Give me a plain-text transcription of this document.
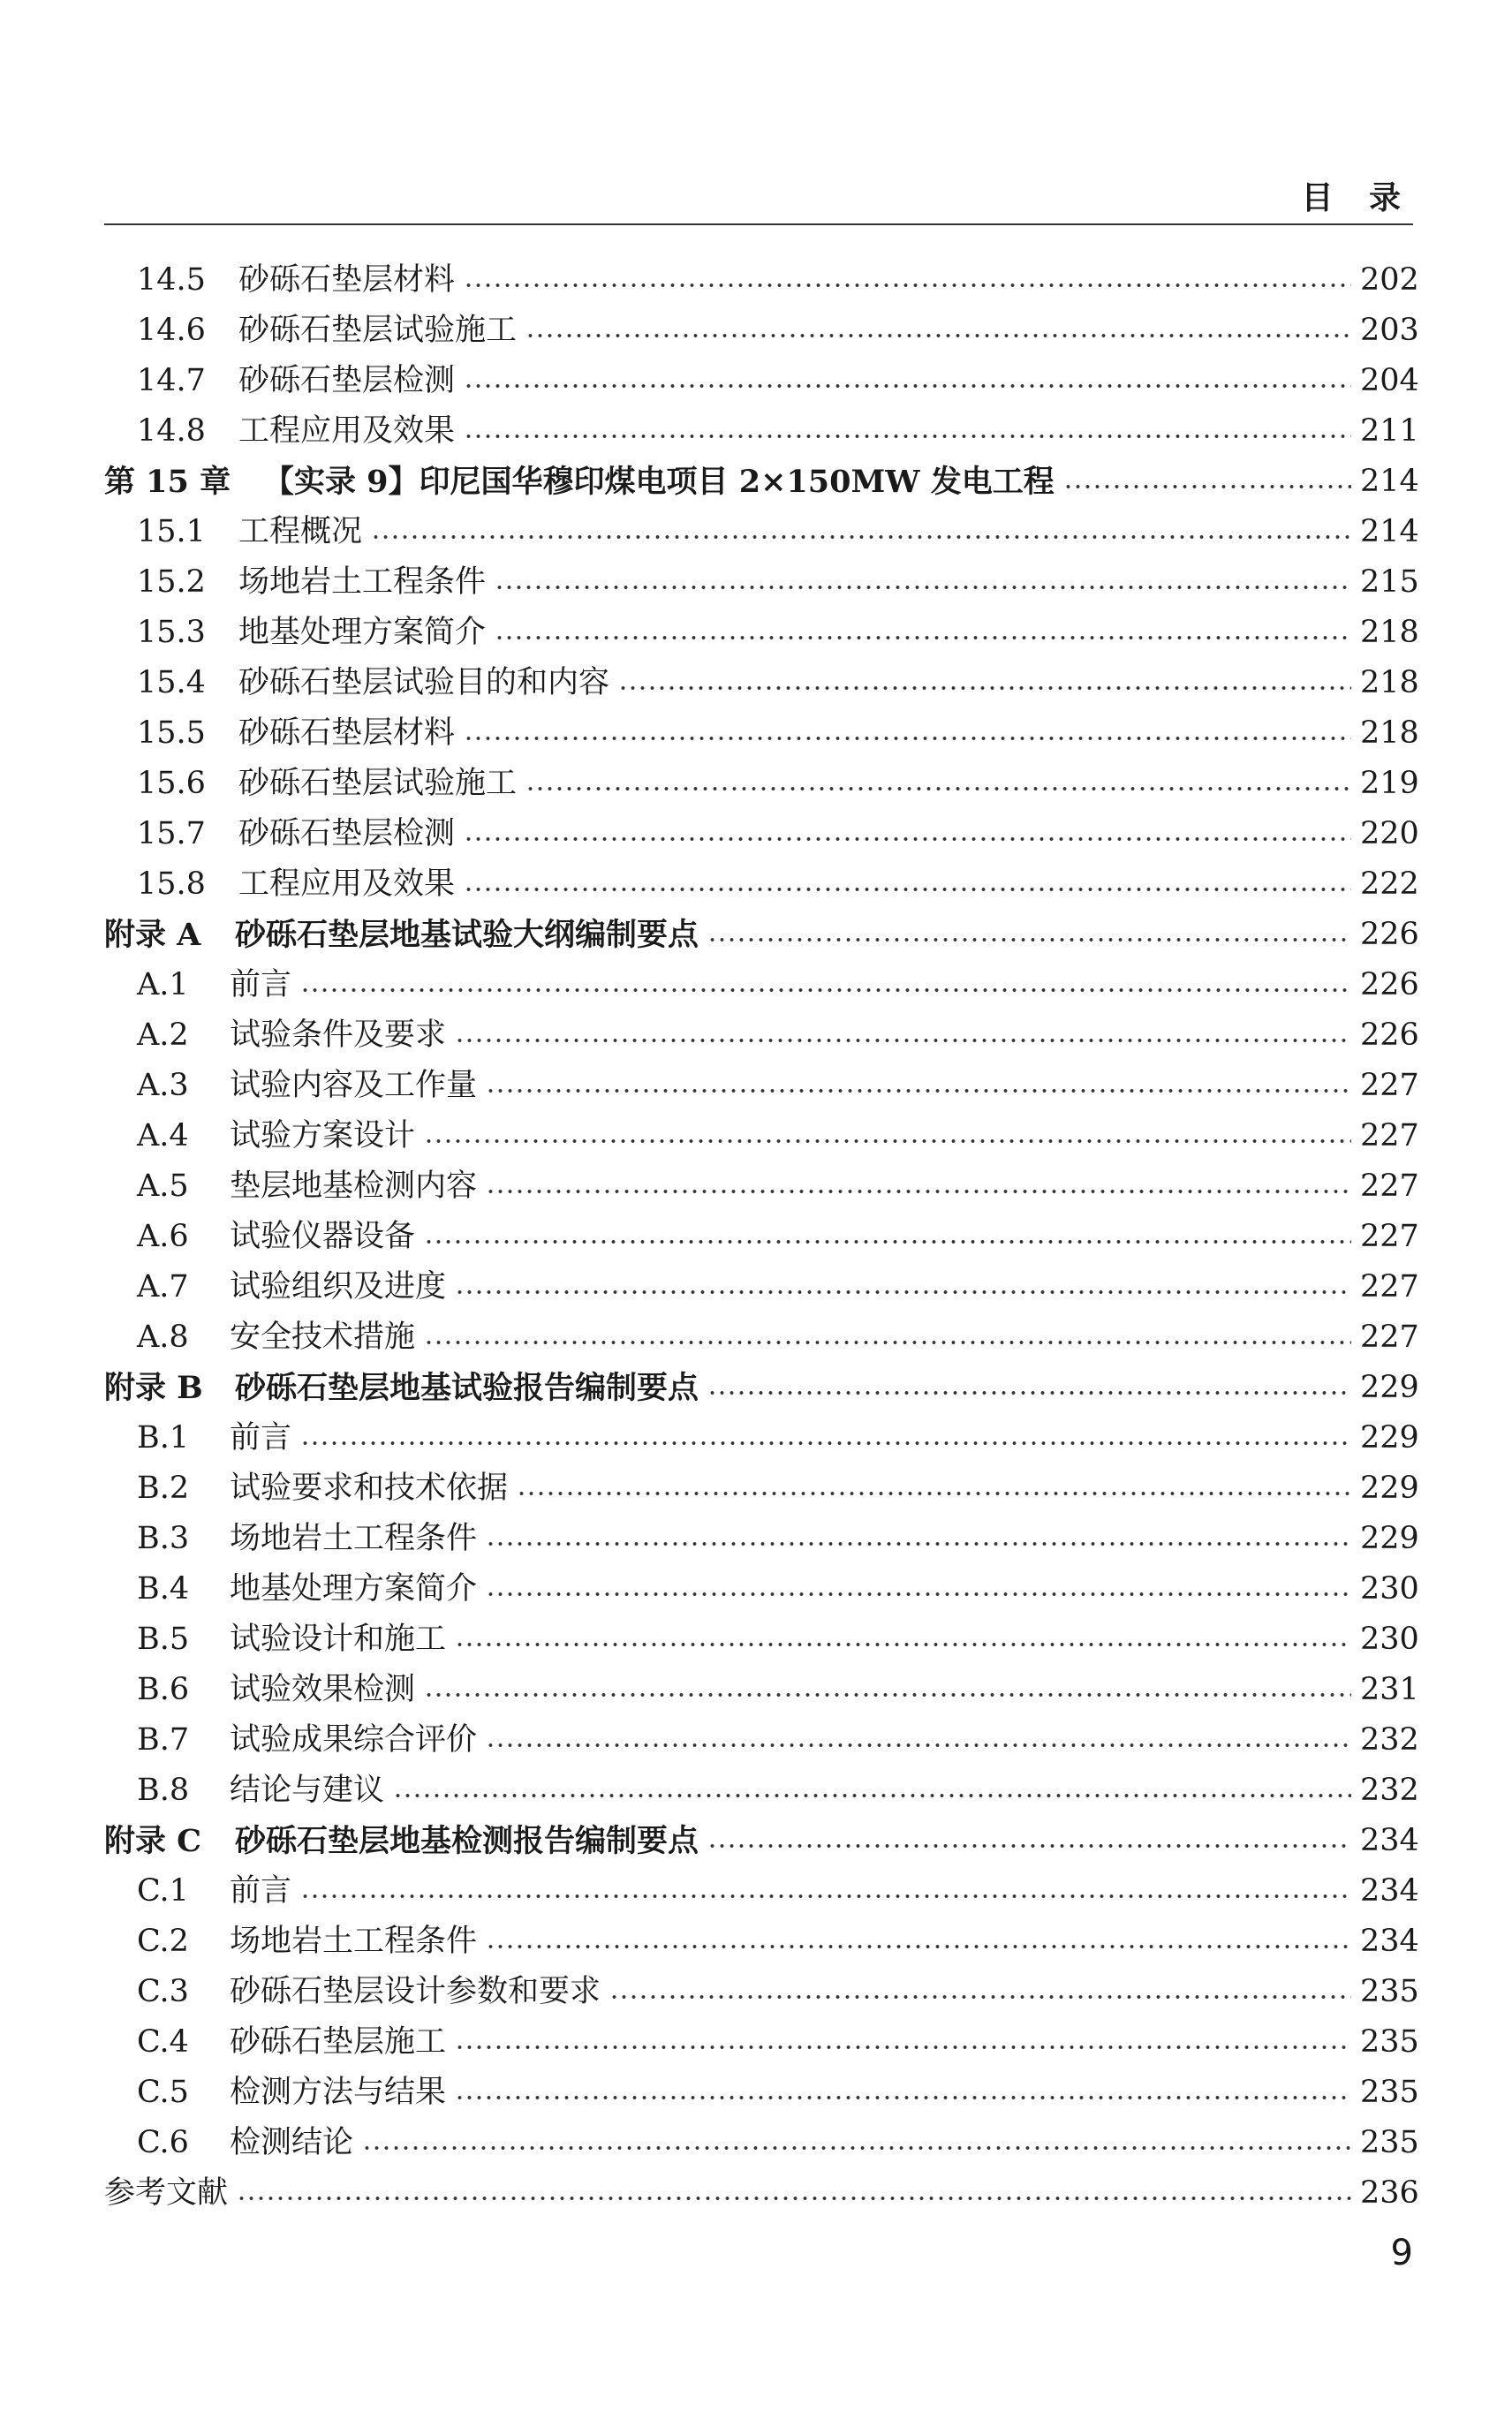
目 录
14.5	砂砾石垫层材料	202
14.6	砂砾石垫层试验施工	203
14.7	砂砾石垫层检测	204
14.8	工程应用及效果	211
第 15 章	【实录 9】印尼国华穆印煤电项目 2×150MW 发电工程	214
15.1	工程概况	214
15.2	场地岩土工程条件	215
15.3	地基处理方案简介	218
15.4	砂砾石垫层试验目的和内容	218
15.5	砂砾石垫层材料	218
15.6	砂砾石垫层试验施工	219
15.7	砂砾石垫层检测	220
15.8	工程应用及效果	222
附录 A	砂砾石垫层地基试验大纲编制要点	226
A.1	前言	226
A.2	试验条件及要求	226
A.3	试验内容及工作量	227
A.4	试验方案设计	227
A.5	垫层地基检测内容	227
A.6	试验仪器设备	227
A.7	试验组织及进度	227
A.8	安全技术措施	227
附录 B	砂砾石垫层地基试验报告编制要点	229
B.1	前言	229
B.2	试验要求和技术依据	229
B.3	场地岩土工程条件	229
B.4	地基处理方案简介	230
B.5	试验设计和施工	230
B.6	试验效果检测	231
B.7	试验成果综合评价	232
B.8	结论与建议	232
附录 C	砂砾石垫层地基检测报告编制要点	234
C.1	前言	234
C.2	场地岩土工程条件	234
C.3	砂砾石垫层设计参数和要求	235
C.4	砂砾石垫层施工	235
C.5	检测方法与结果	235
C.6	检测结论	235
参考文献	236
9
